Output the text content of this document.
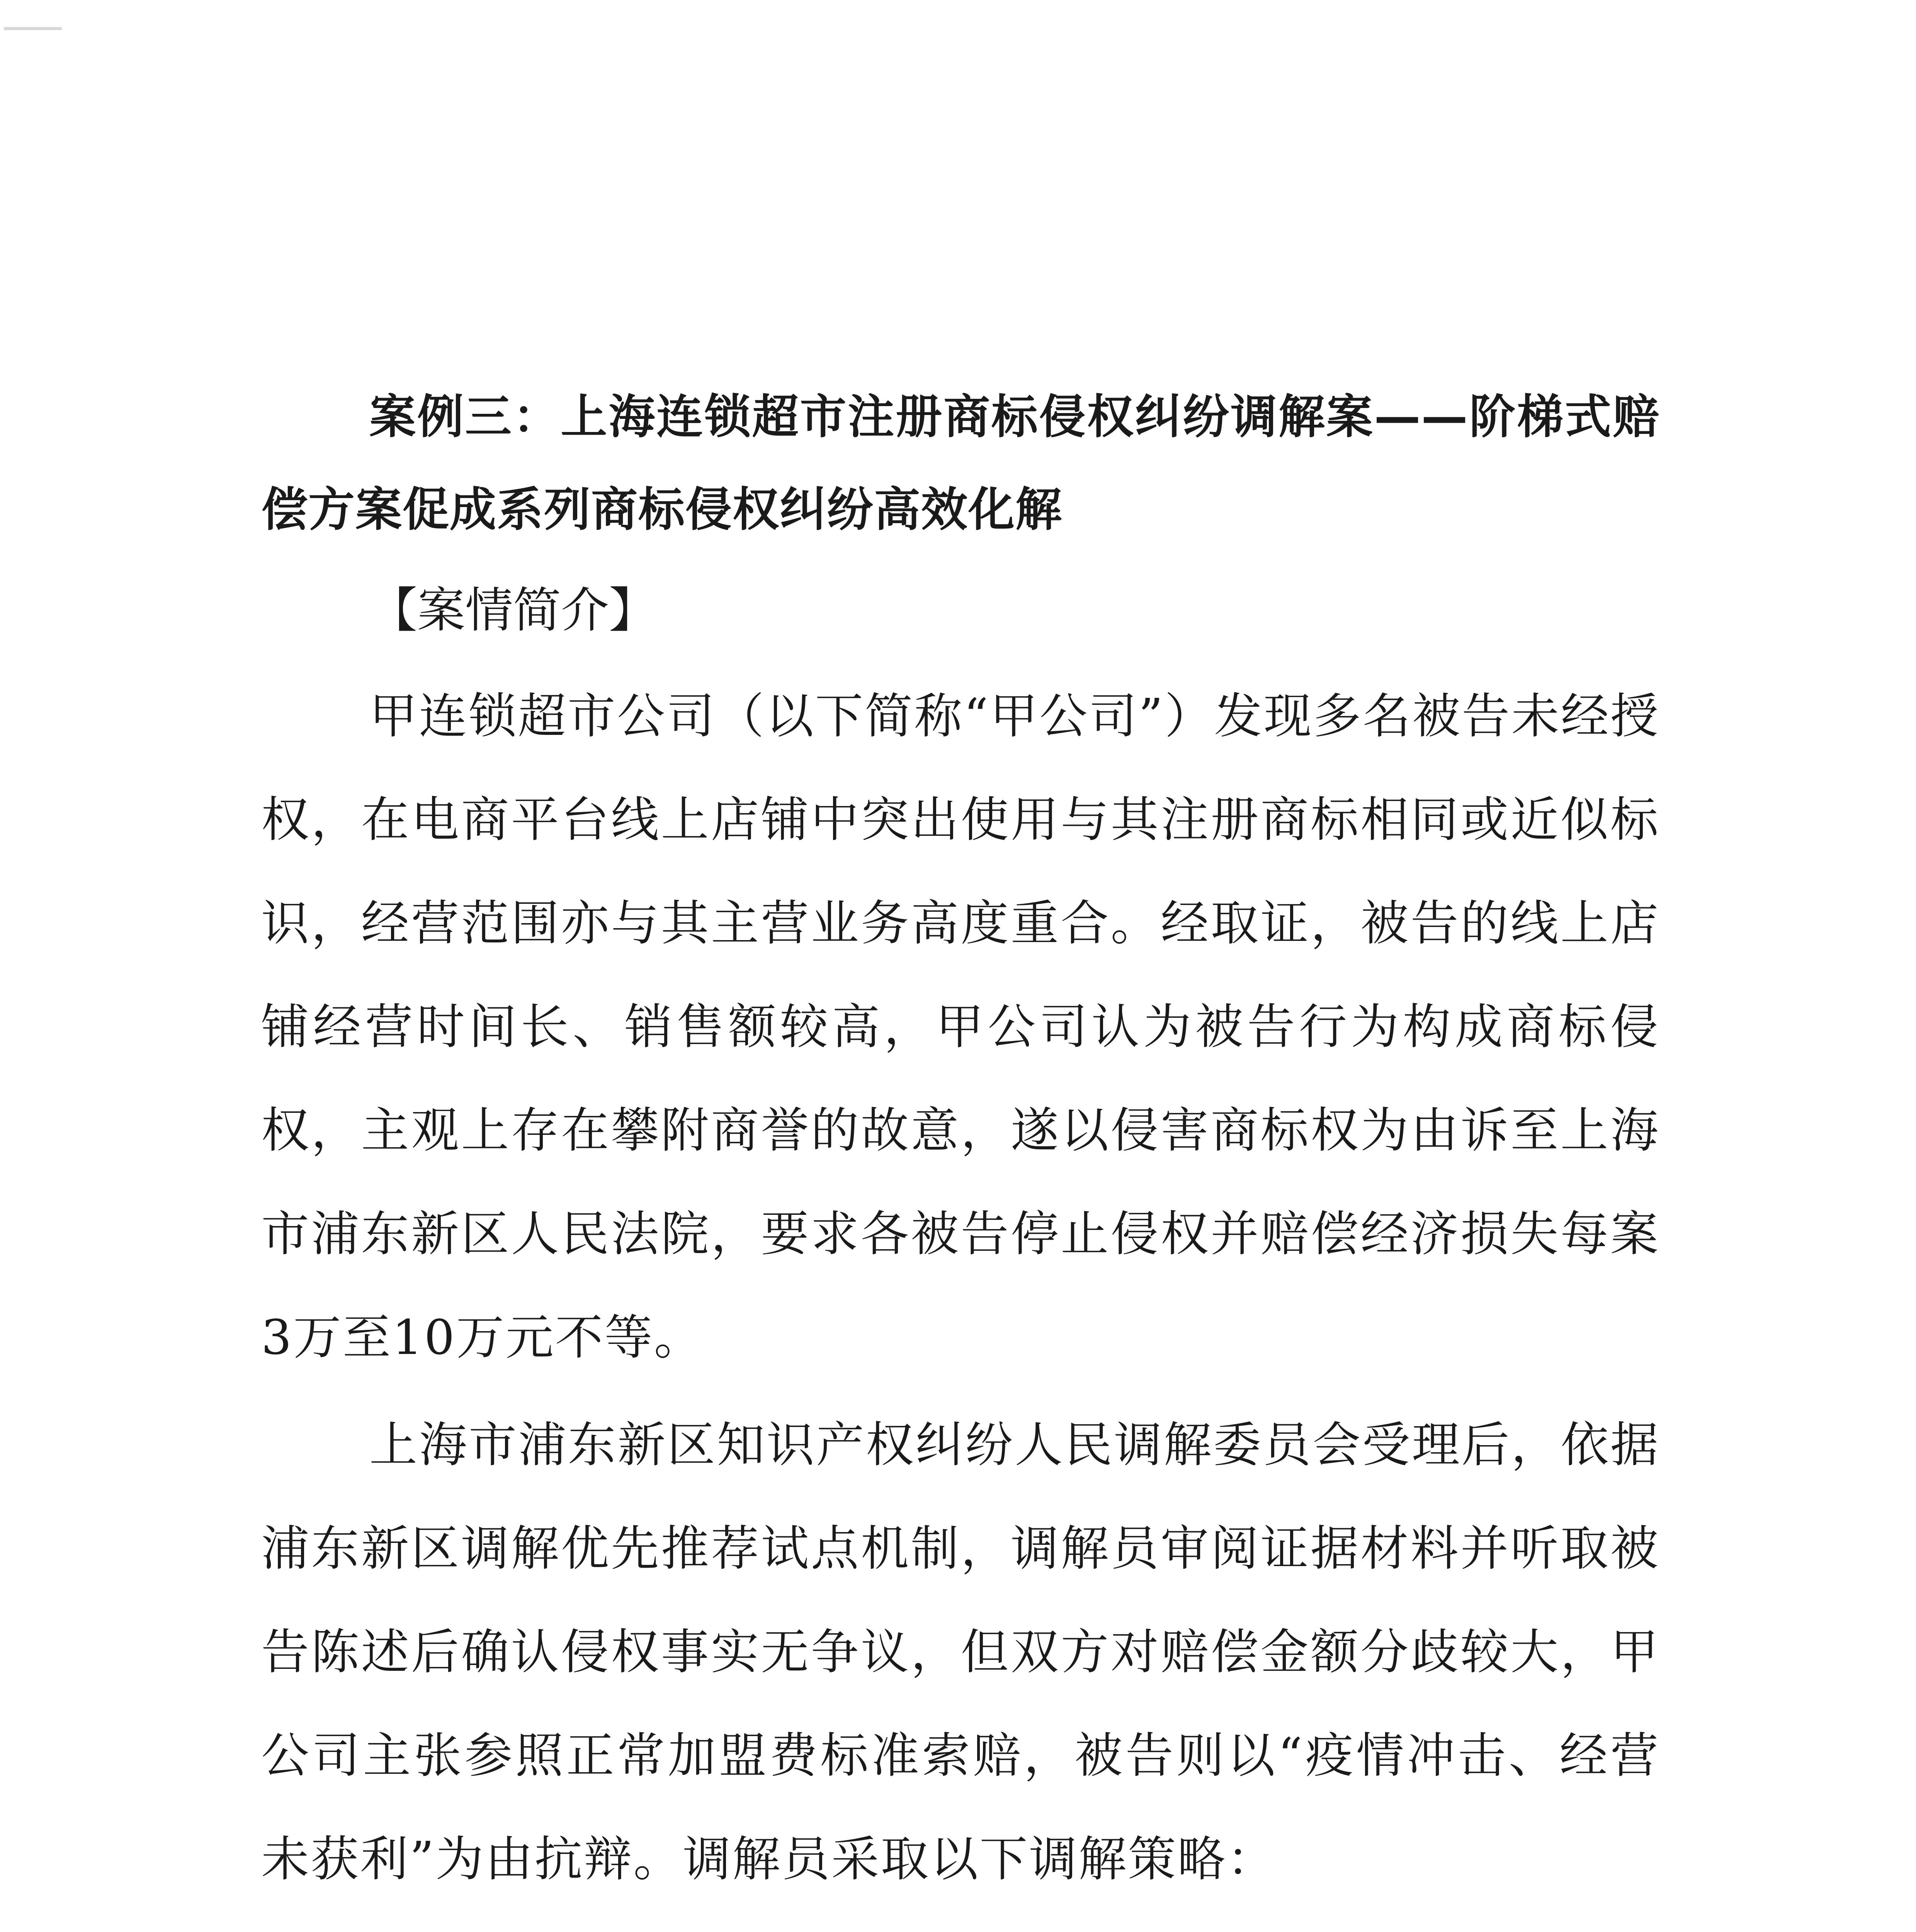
案例三：上海连锁超市注册商标侵权纠纷调解案——阶梯式赔偿方案促成系列商标侵权纠纷高效化解

【案情简介】

甲连锁超市公司（以下简称“甲公司”）发现多名被告未经授权，在电商平台线上店铺中突出使用与其注册商标相同或近似标识，经营范围亦与其主营业务高度重合。经取证，被告的线上店铺经营时间长、销售额较高，甲公司认为被告行为构成商标侵权，主观上存在攀附商誉的故意，遂以侵害商标权为由诉至上海市浦东新区人民法院，要求各被告停止侵权并赔偿经济损失每案3万至10万元不等。

上海市浦东新区知识产权纠纷人民调解委员会受理后，依据浦东新区调解优先推荐试点机制，调解员审阅证据材料并听取被告陈述后确认侵权事实无争议，但双方对赔偿金额分歧较大，甲公司主张参照正常加盟费标准索赔，被告则以“疫情冲击、经营未获利”为由抗辩。调解员采取以下调解策略：
